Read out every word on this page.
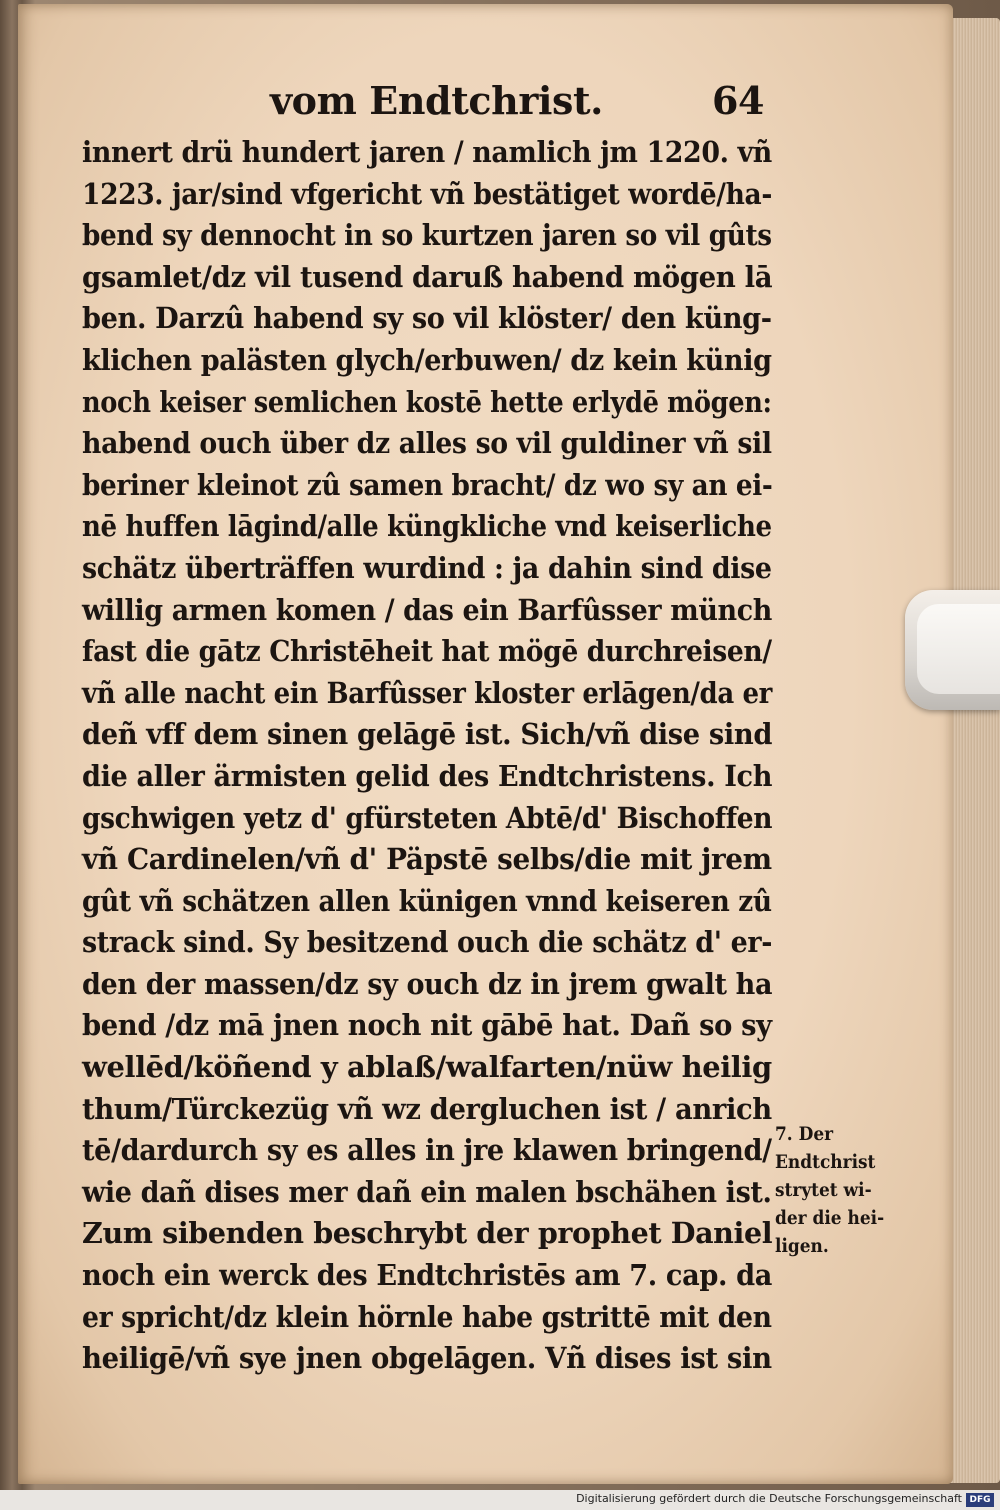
vom Endtchrist.	64
innert drü hundert jaren / namlich jm 1220. vñ
1223. jar/sind vfgericht vñ bestätiget wordē/ha-
bend sy dennocht in so kurtzen jaren so vil gûts
gsamlet/dz vil tusend daruß habend mögen lā
ben. Darzû habend sy so vil klöster/ den küng-
klichen palästen glych/erbuwen/ dz kein künig
noch keiser semlichen kostē hette erlydē mögen:
habend ouch über dz alles so vil guldiner vñ sil
beriner kleinot zû samen bracht/ dz wo sy an ei-
nē huffen lāgind/alle küngkliche vnd keiserliche
schätz überträffen wurdind : ja dahin sind dise
willig armen komen / das ein Barfûsser münch
fast die gātz Christēheit hat mögē durchreisen/
vñ alle nacht ein Barfûsser kloster erlāgen/da er
deñ vff dem sinen gelāgē ist. Sich/vñ dise sind
die aller ärmisten gelid des Endtchristens. Ich
gschwigen yetz d' gfürsteten Abtē/d' Bischoffen
vñ Cardinelen/vñ d' Päpstē selbs/die mit jrem
gût vñ schätzen allen künigen vnnd keiseren zû
strack sind. Sy besitzend ouch die schätz d' er-
den der massen/dz sy ouch dz in jrem gwalt ha
bend /dz mā jnen noch nit gābē hat. Dañ so sy
wellēd/köñend y ablaß/walfarten/nüw heilig
thum/Türckezüg vñ wz dergluchen ist / anrich
tē/dardurch sy es alles in jre klawen bringend/
wie dañ dises mer dañ ein malen bschähen ist.
Zum sibenden beschrybt der prophet Daniel
noch ein werck des Endtchristēs am 7. cap. da
er spricht/dz klein hörnle habe gstrittē mit den
heiligē/vñ sye jnen obgelāgen. Vñ dises ist sin
7. Der
Endtchrist
strytet wi-
der die hei-
ligen.
Digitalisierung gefördert durch die Deutsche Forschungsgemeinschaft DFG
